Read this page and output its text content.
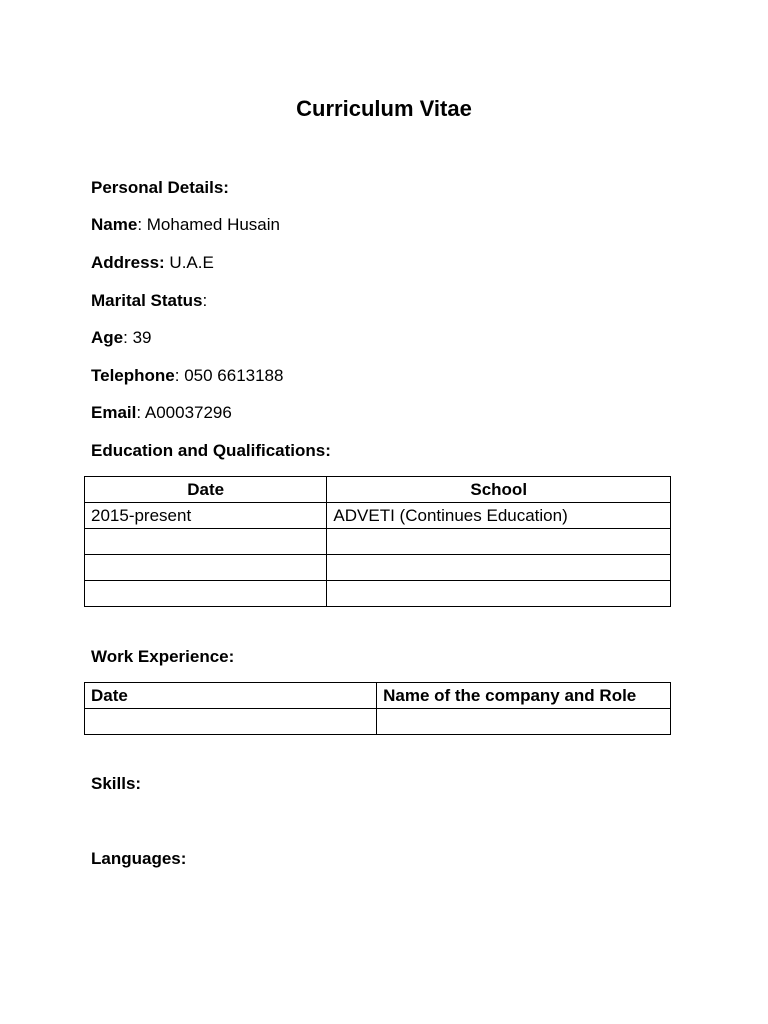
Curriculum Vitae
Personal Details:
Name: Mohamed Husain
Address: U.A.E
Marital Status:
Age: 39
Telephone: 050 6613188
Email: A00037296
Education and Qualifications:
Date	School
2015-present	ADVETI (Continues Education)

Work Experience:
Date	Name of the company and Role

Skills:
Languages:
